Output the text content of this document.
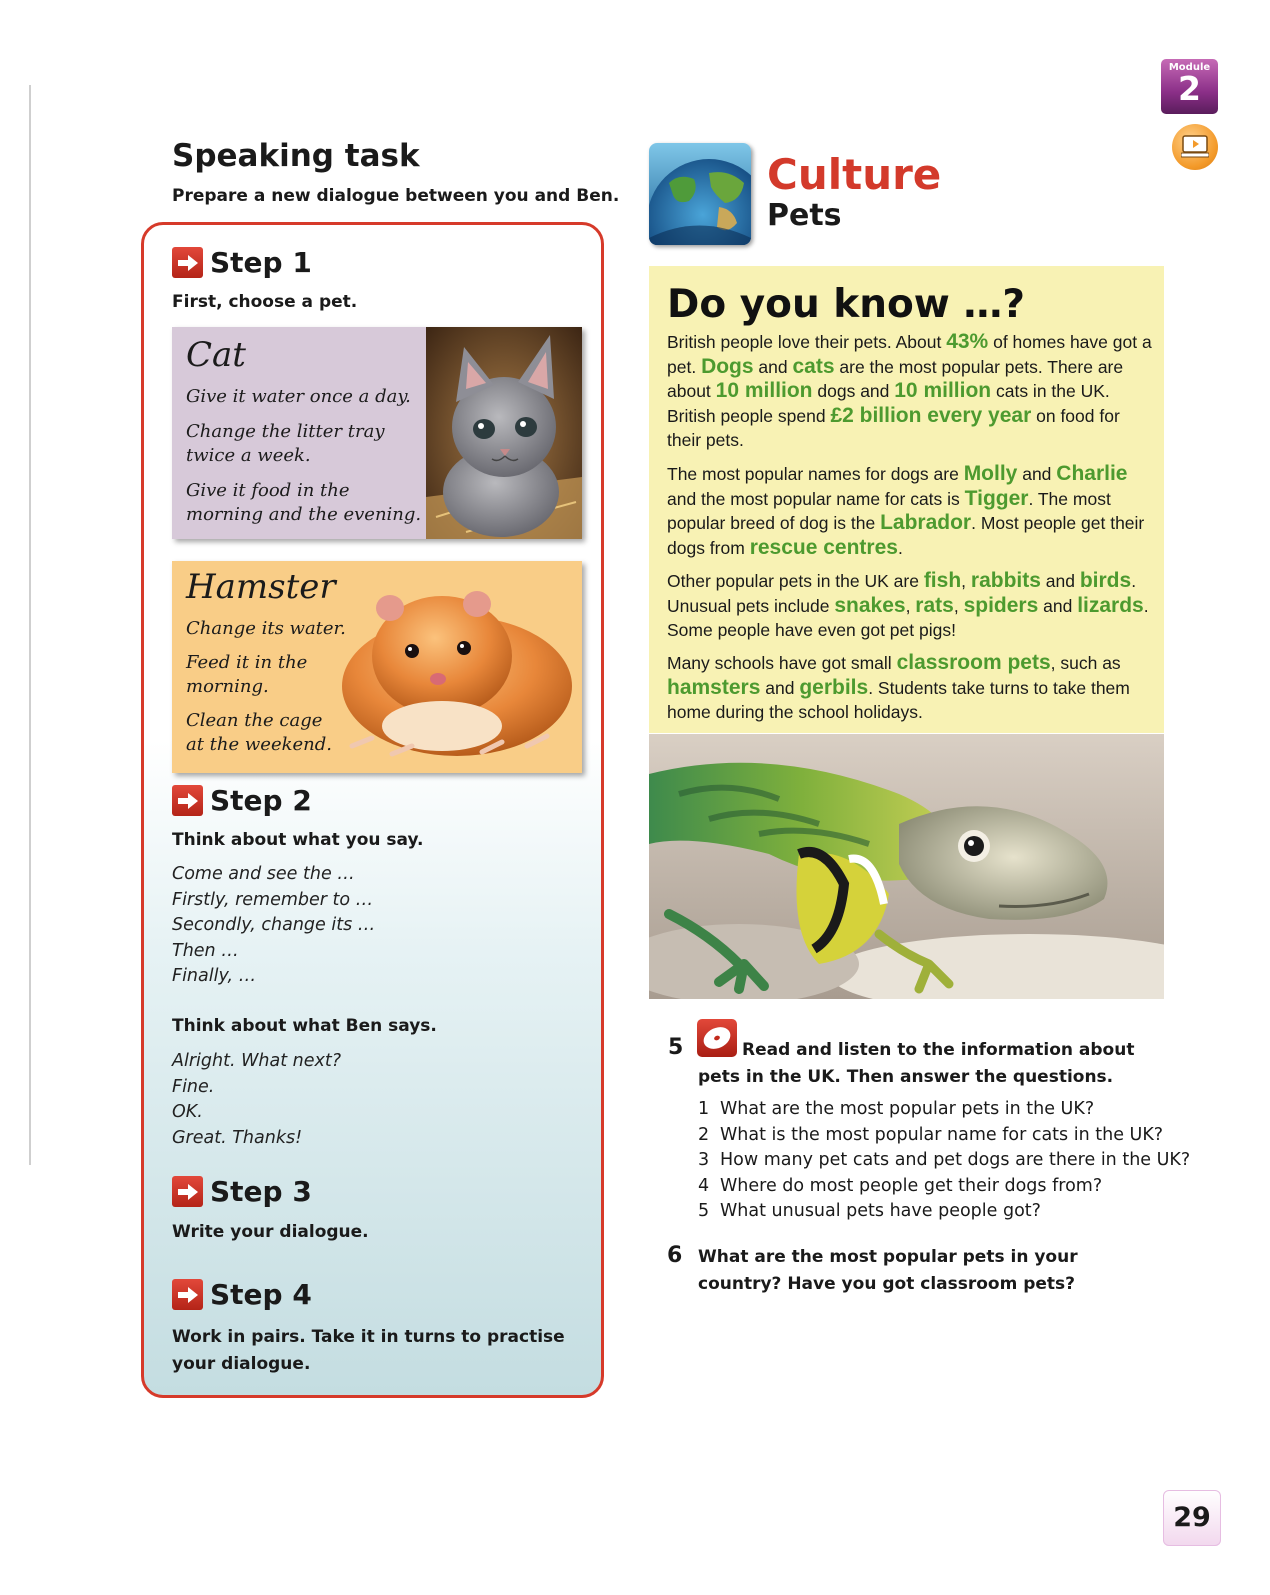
Module
2
Speaking task
Prepare a new dialogue between you and Ben.
Step 1
First, choose a pet.
Cat
Give it water once a day.
Change the litter tray
twice a week.
Give it food in the
morning and the evening.
Hamster
Change its water.
Feed it in the
morning.
Clean the cage
at the weekend.
Step 2
Think about what you say.
Come and see the …
Firstly, remember to …
Secondly, change its …
Then …
Finally, …
Think about what Ben says.
Alright. What next?
Fine.
OK.
Great. Thanks!
Step 3
Write your dialogue.
Step 4
Work in pairs. Take it in turns to practise your dialogue.
Culture
Pets
Do you know …?
British people love their pets. About 43% of homes have got a pet. Dogs and cats are the most popular pets. There are about 10 million dogs and 10 million cats in the UK. British people spend £2 billion every year on food for their pets.
The most popular names for dogs are Molly and Charlie and the most popular name for cats is Tigger. The most popular breed of dog is the Labrador. Most people get their dogs from rescue centres.
Other popular pets in the UK are fish, rabbits and birds. Unusual pets include snakes, rats, spiders and lizards. Some people have even got pet pigs!
Many schools have got small classroom pets, such as hamsters and gerbils. Students take turns to take them home during the school holidays.
5	Read and listen to the information about pets in the UK. Then answer the questions.
1 What are the most popular pets in the UK?
2 What is the most popular name for cats in the UK?
3 How many pet cats and pet dogs are there in the UK?
4 Where do most people get their dogs from?
5 What unusual pets have people got?
6 What are the most popular pets in your country? Have you got classroom pets?
29
